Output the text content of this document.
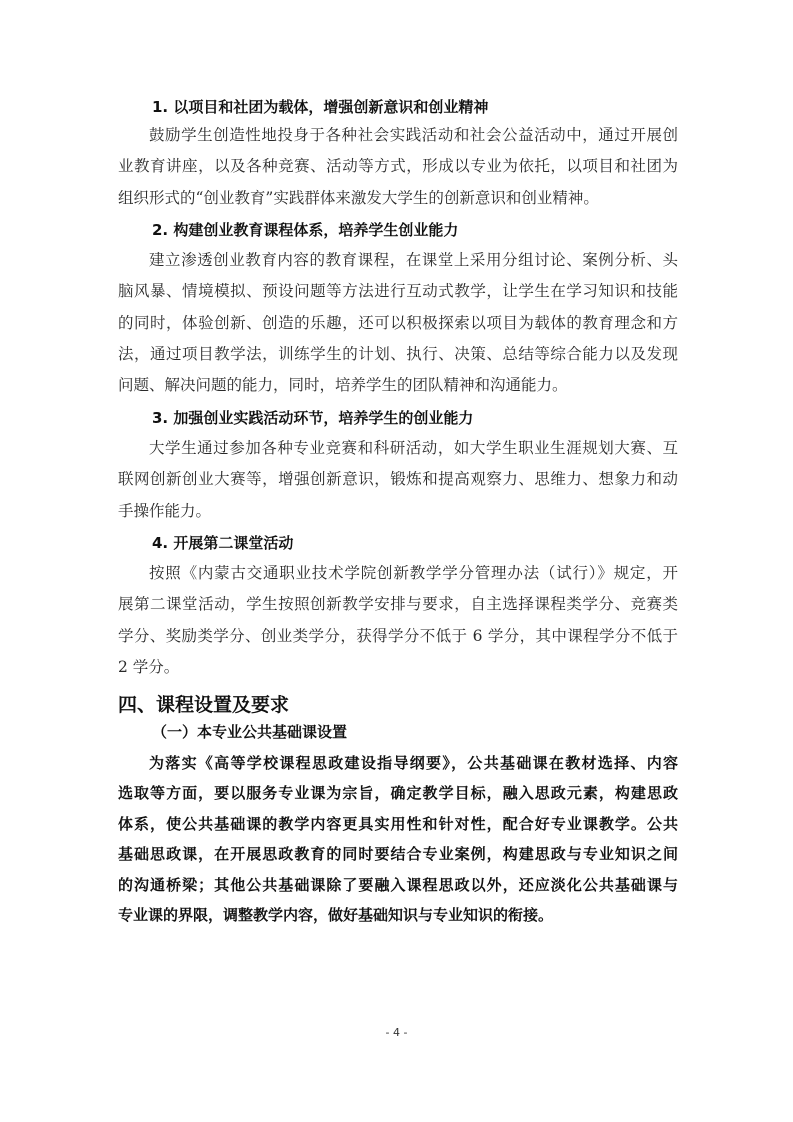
1. 以项目和社团为载体，增强创新意识和创业精神
鼓励学生创造性地投身于各种社会实践活动和社会公益活动中，通过开展创
业教育讲座，以及各种竞赛、活动等方式，形成以专业为依托，以项目和社团为
组织形式的“创业教育”实践群体来激发大学生的创新意识和创业精神。
2. 构建创业教育课程体系，培养学生创业能力
建立渗透创业教育内容的教育课程，在课堂上采用分组讨论、案例分析、头
脑风暴、情境模拟、预设问题等方法进行互动式教学，让学生在学习知识和技能
的同时，体验创新、创造的乐趣，还可以积极探索以项目为载体的教育理念和方
法，通过项目教学法，训练学生的计划、执行、决策、总结等综合能力以及发现
问题、解决问题的能力，同时，培养学生的团队精神和沟通能力。
3. 加强创业实践活动环节，培养学生的创业能力
大学生通过参加各种专业竞赛和科研活动，如大学生职业生涯规划大赛、互
联网创新创业大赛等，增强创新意识，锻炼和提高观察力、思维力、想象力和动
手操作能力。
4. 开展第二课堂活动
按照《内蒙古交通职业技术学院创新教学学分管理办法（试行）》规定，开
展第二课堂活动，学生按照创新教学安排与要求，自主选择课程类学分、竞赛类
学分、奖励类学分、创业类学分，获得学分不低于 6 学分，其中课程学分不低于
2 学分。
四、课程设置及要求
（一）本专业公共基础课设置
为落实《高等学校课程思政建设指导纲要》，公共基础课在教材选择、内容
选取等方面，要以服务专业课为宗旨，确定教学目标，融入思政元素，构建思政
体系，使公共基础课的教学内容更具实用性和针对性，配合好专业课教学。公共
基础思政课，在开展思政教育的同时要结合专业案例，构建思政与专业知识之间
的沟通桥梁；其他公共基础课除了要融入课程思政以外，还应淡化公共基础课与
专业课的界限，调整教学内容，做好基础知识与专业知识的衔接。
- 4 -
